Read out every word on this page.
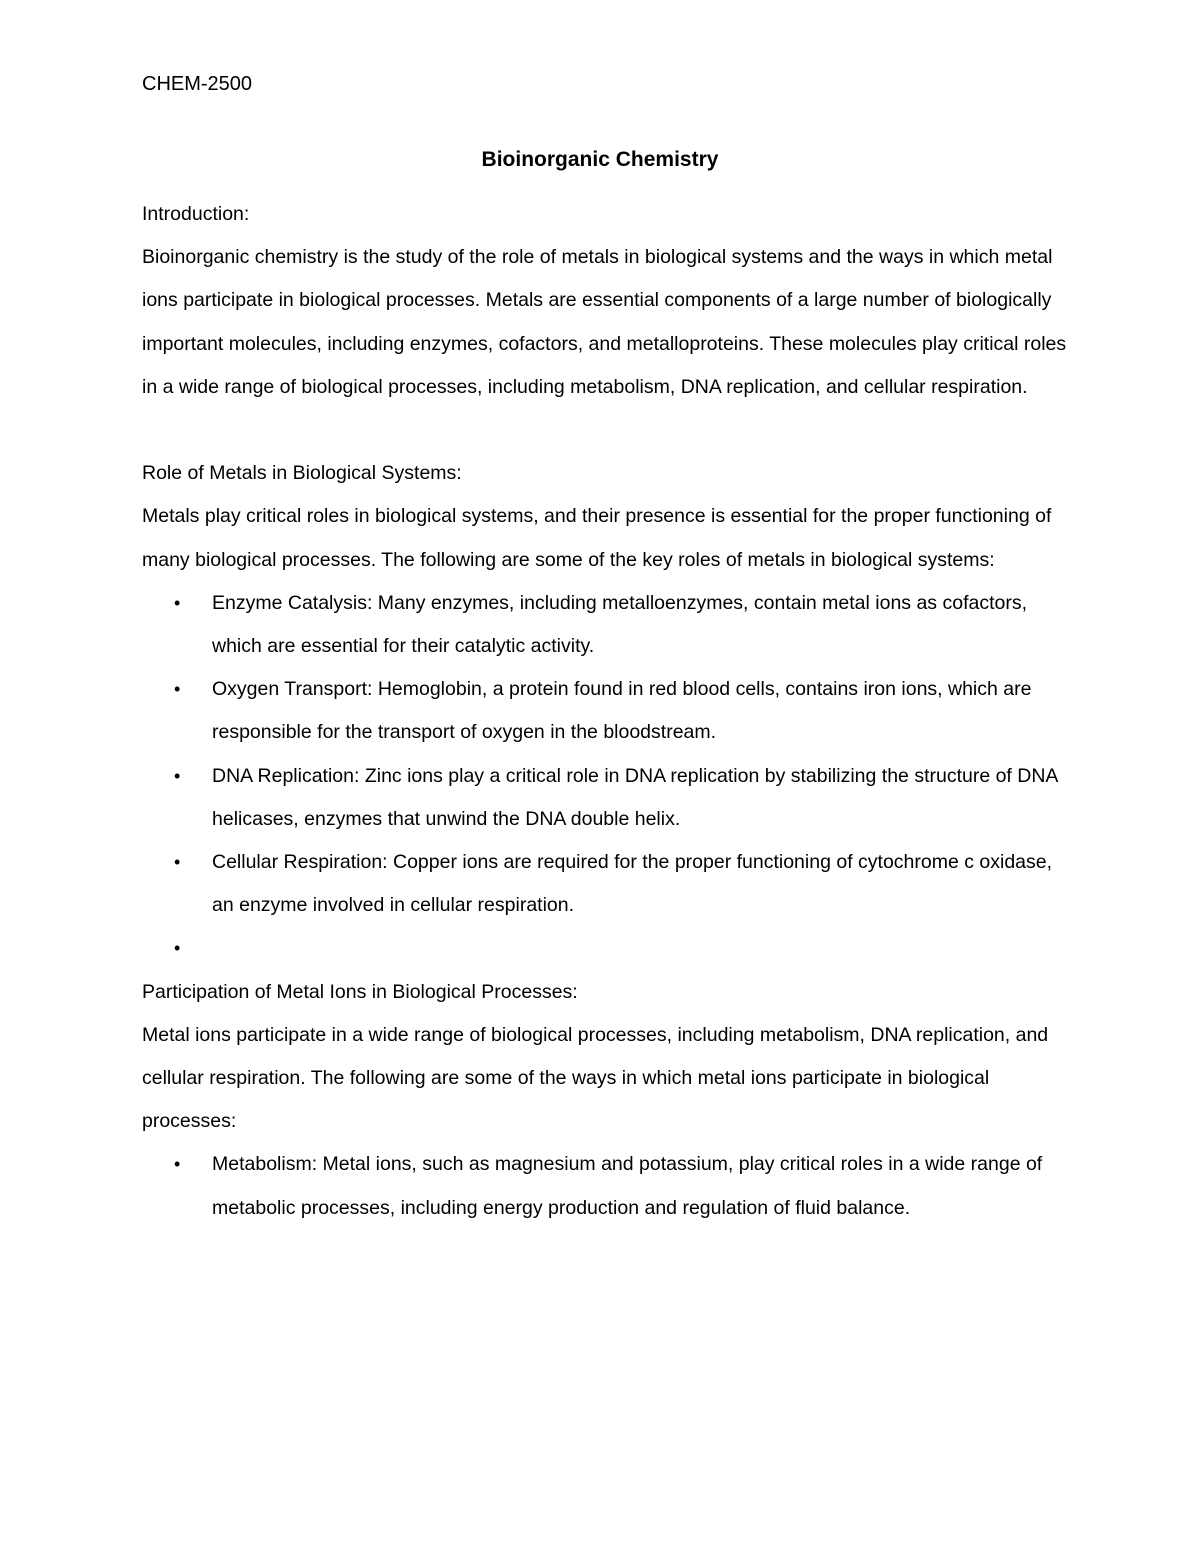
CHEM-2500

Bioinorganic Chemistry

Introduction:

Bioinorganic chemistry is the study of the role of metals in biological systems and the ways in which metal ions participate in biological processes. Metals are essential components of a large number of biologically important molecules, including enzymes, cofactors, and metalloproteins. These molecules play critical roles in a wide range of biological processes, including metabolism, DNA replication, and cellular respiration.

Role of Metals in Biological Systems:

Metals play critical roles in biological systems, and their presence is essential for the proper functioning of many biological processes. The following are some of the key roles of metals in biological systems:

• Enzyme Catalysis: Many enzymes, including metalloenzymes, contain metal ions as cofactors, which are essential for their catalytic activity.
• Oxygen Transport: Hemoglobin, a protein found in red blood cells, contains iron ions, which are responsible for the transport of oxygen in the bloodstream.
• DNA Replication: Zinc ions play a critical role in DNA replication by stabilizing the structure of DNA helicases, enzymes that unwind the DNA double helix.
• Cellular Respiration: Copper ions are required for the proper functioning of cytochrome c oxidase, an enzyme involved in cellular respiration.
•

Participation of Metal Ions in Biological Processes:

Metal ions participate in a wide range of biological processes, including metabolism, DNA replication, and cellular respiration. The following are some of the ways in which metal ions participate in biological processes:

• Metabolism: Metal ions, such as magnesium and potassium, play critical roles in a wide range of metabolic processes, including energy production and regulation of fluid balance.
